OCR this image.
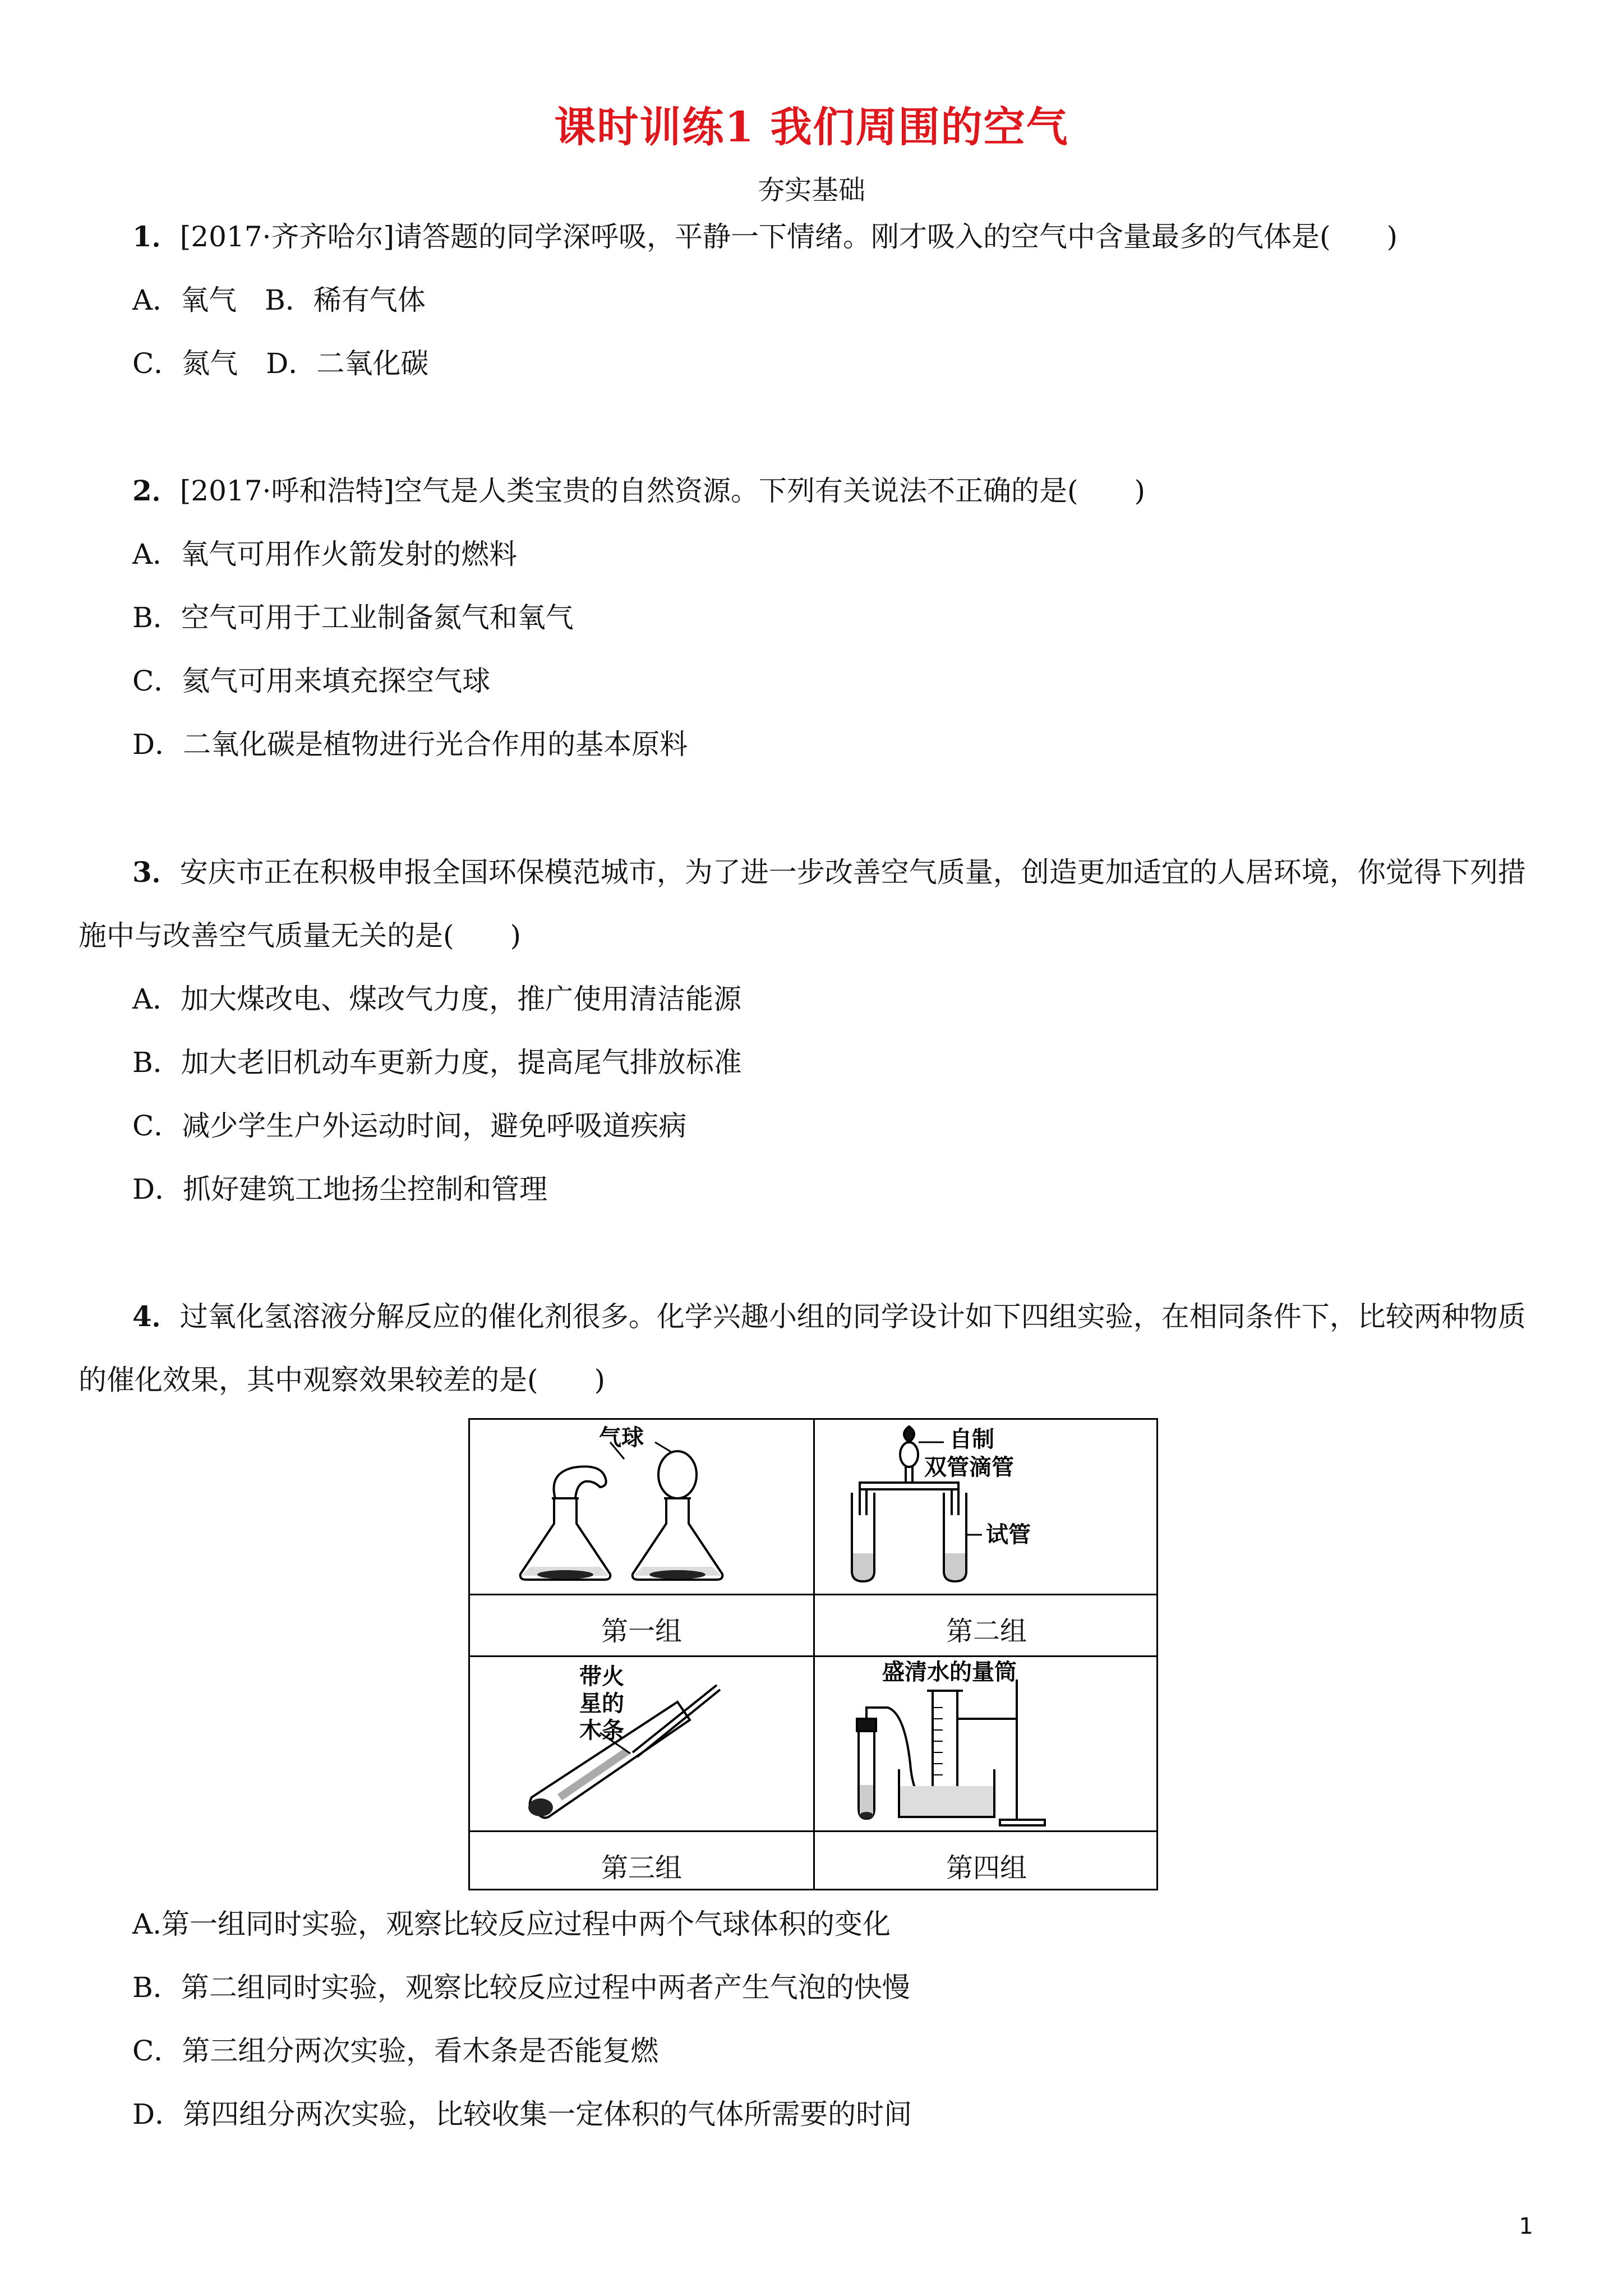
课时训练1 我们周围的空气
夯实基础
1．[2017·齐齐哈尔]请答题的同学深呼吸，平静一下情绪。刚才吸入的空气中含量最多的气体是(　　)
A．氧气　B．稀有气体
C．氮气　D．二氧化碳
2．[2017·呼和浩特]空气是人类宝贵的自然资源。下列有关说法不正确的是(　　)
A．氧气可用作火箭发射的燃料
B．空气可用于工业制备氮气和氧气
C．氦气可用来填充探空气球
D．二氧化碳是植物进行光合作用的基本原料
3．安庆市正在积极申报全国环保模范城市，为了进一步改善空气质量，创造更加适宜的人居环境，你觉得下列措
施中与改善空气质量无关的是(　　)
A．加大煤改电、煤改气力度，推广使用清洁能源
B．加大老旧机动车更新力度，提高尾气排放标准
C．减少学生户外运动时间，避免呼吸道疾病
D．抓好建筑工地扬尘控制和管理
4．过氧化氢溶液分解反应的催化剂很多。化学兴趣小组的同学设计如下四组实验，在相同条件下，比较两种物质
的催化效果，其中观察效果较差的是(　　)
气球	自制
双管滴管
试管
带火
星的
木条
盛清水的量筒
第一组	第二组
第三组	第四组
A.第一组同时实验，观察比较反应过程中两个气球体积的变化
B．第二组同时实验，观察比较反应过程中两者产生气泡的快慢
C．第三组分两次实验，看木条是否能复燃
D．第四组分两次实验，比较收集一定体积的气体所需要的时间
1
